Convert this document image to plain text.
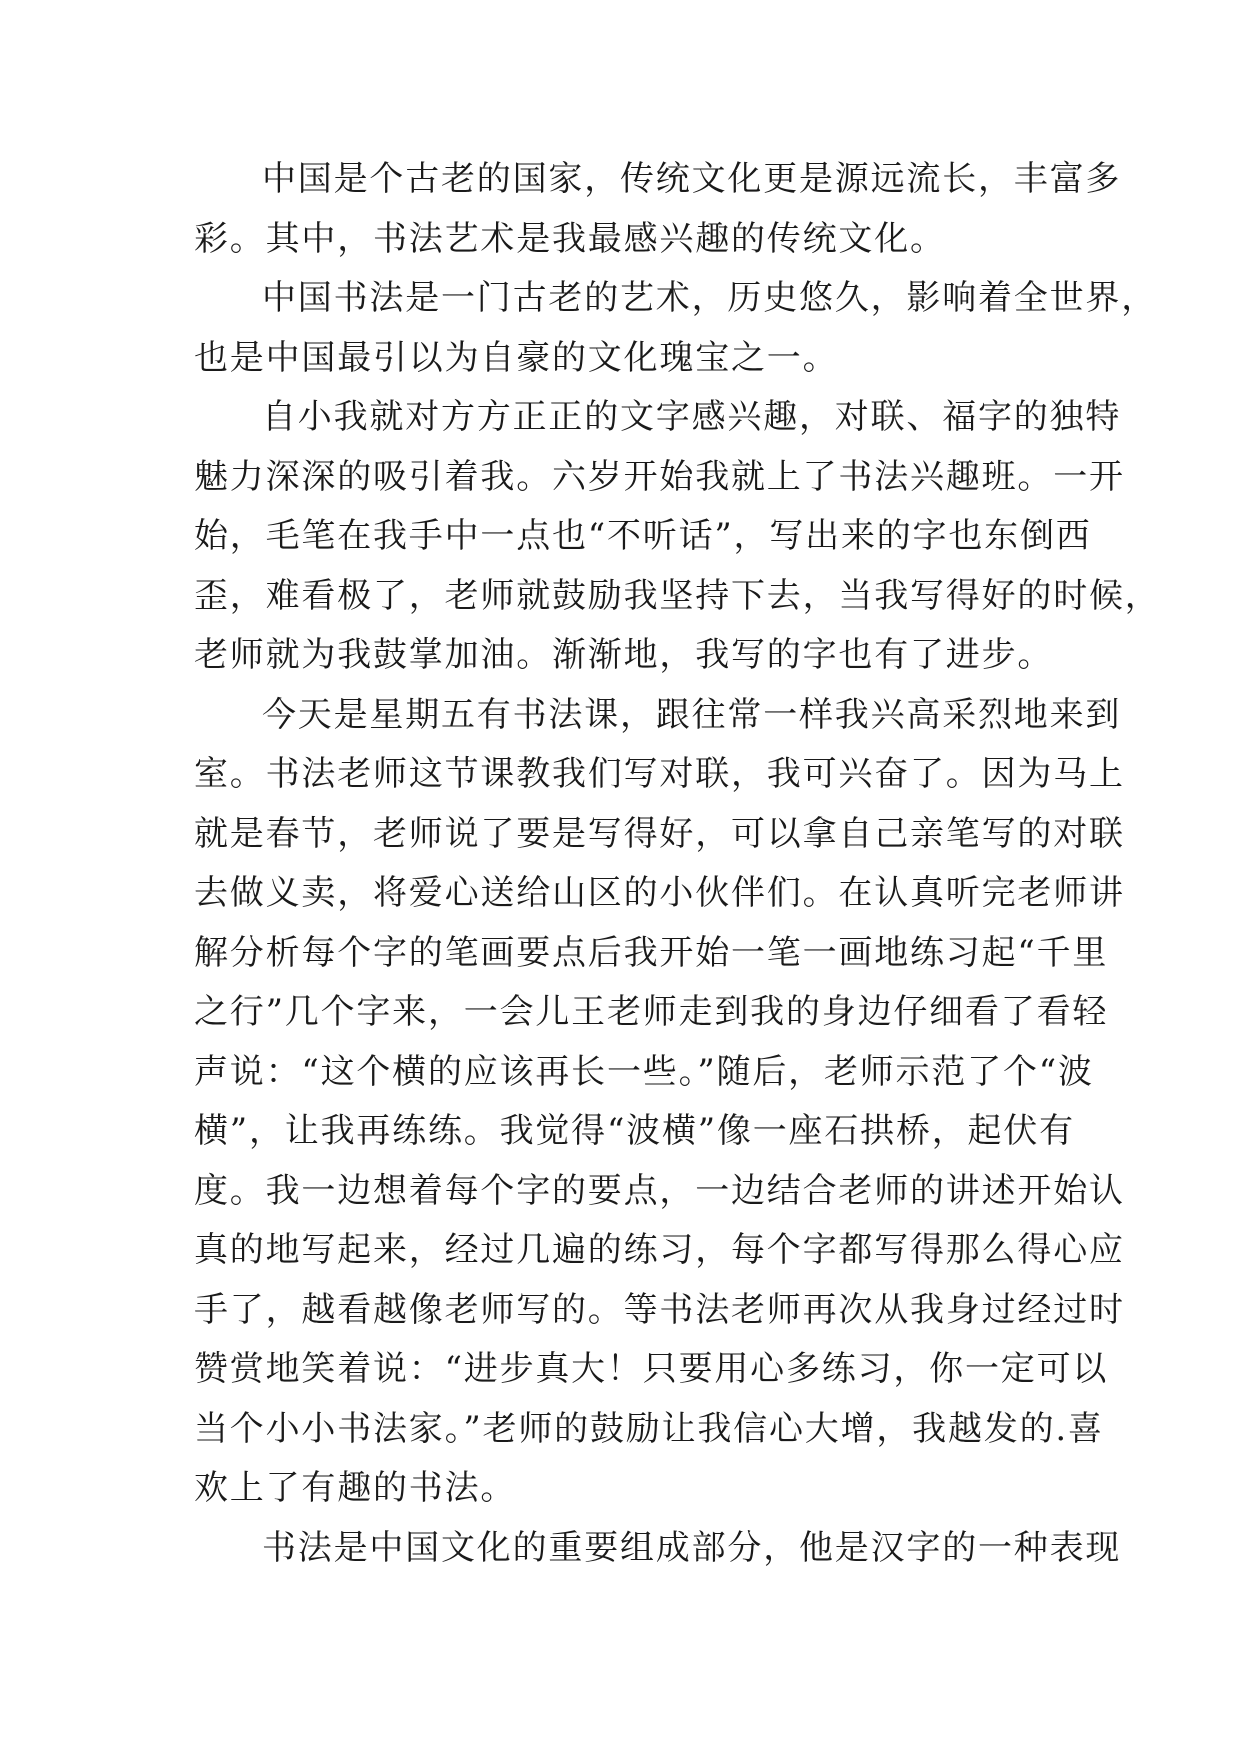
中国是个古老的国家，传统文化更是源远流长，丰富多
彩。其中，书法艺术是我最感兴趣的传统文化。
中国书法是一门古老的艺术，历史悠久，影响着全世界，
也是中国最引以为自豪的文化瑰宝之一。
自小我就对方方正正的文字感兴趣，对联、福字的独特
魅力深深的吸引着我。六岁开始我就上了书法兴趣班。一开
始，毛笔在我手中一点也“不听话”，写出来的字也东倒西
歪，难看极了，老师就鼓励我坚持下去，当我写得好的时候，
老师就为我鼓掌加油。渐渐地，我写的字也有了进步。
今天是星期五有书法课，跟往常一样我兴高采烈地来到
室。书法老师这节课教我们写对联，我可兴奋了。因为马上
就是春节，老师说了要是写得好，可以拿自己亲笔写的对联
去做义卖，将爱心送给山区的小伙伴们。在认真听完老师讲
解分析每个字的笔画要点后我开始一笔一画地练习起“千里
之行”几个字来，一会儿王老师走到我的身边仔细看了看轻
声说：“这个横的应该再长一些。”随后，老师示范了个“波
横”，让我再练练。我觉得“波横”像一座石拱桥，起伏有
度。我一边想着每个字的要点，一边结合老师的讲述开始认
真的地写起来，经过几遍的练习，每个字都写得那么得心应
手了，越看越像老师写的。等书法老师再次从我身过经过时
赞赏地笑着说：“进步真大！只要用心多练习，你一定可以
当个小小书法家。”老师的鼓励让我信心大增，我越发的.喜
欢上了有趣的书法。
书法是中国文化的重要组成部分，他是汉字的一种表现
